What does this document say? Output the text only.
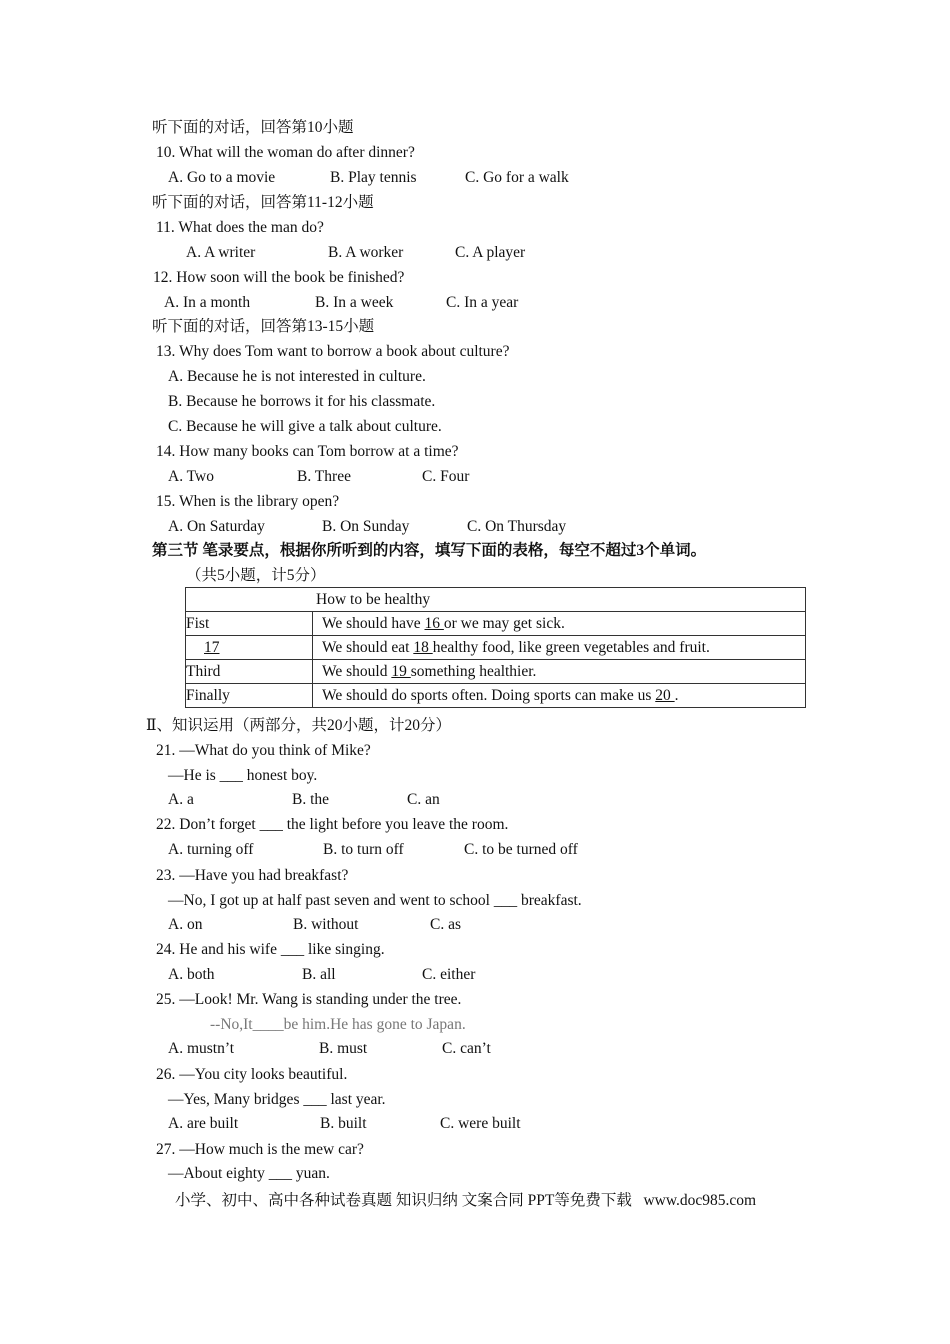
听下面的对话，回答第10小题
10. What will the woman do after dinner?
A. Go to a movie	B. Play tennis	C. Go for a walk
听下面的对话，回答第11-12小题
11. What does the man do?
A. A writer	B. A worker	C. A player
12. How soon will the book be finished?
A. In a month	B. In a week	C. In a year
听下面的对话，回答第13-15小题
13. Why does Tom want to borrow a book about culture?
A. Because he is not interested in culture.
B. Because he borrows it for his classmate.
C. Because he will give a talk about culture.
14. How many books can Tom borrow at a time?
A. Two	B. Three	C. Four
15. When is the library open?
A. On Saturday	B. On Sunday	C. On Thursday
第三节 笔录要点，根据你所听到的内容，填写下面的表格，每空不超过3个单词。
（共5小题，计5分）
How to be healthy	
Fist	We should have 16 or we may get sick.
17	We should eat 18 healthy food, like green vegetables and fruit.
Third	We should 19 something healthier.
Finally	We should do sports often. Doing sports can make us 20 .
Ⅱ、知识运用（两部分，共20小题，计20分）
21. —What do you think of Mike?
—He is ___ honest boy.
A. a	B. the	C. an
22. Don’t forget ___ the light before you leave the room.
A. turning off	B. to turn off	C. to be turned off
23. —Have you had breakfast?
—No, I got up at half past seven and went to school ___ breakfast.
A. on	B. without	C. as
24. He and his wife ___ like singing.
A. both	B. all	C. either
25. —Look! Mr. Wang is standing under the tree.
--No,It____be him.He has gone to Japan.
A. mustn’t	B. must	C. can’t
26. —You city looks beautiful.
—Yes, Many bridges ___ last year.
A. are built	B. built	C. were built
27. —How much is the mew car?
—About eighty ___ yuan.
小学、初中、高中各种试卷真题 知识归纳 文案合同 PPT等免费下载   www.doc985.com
